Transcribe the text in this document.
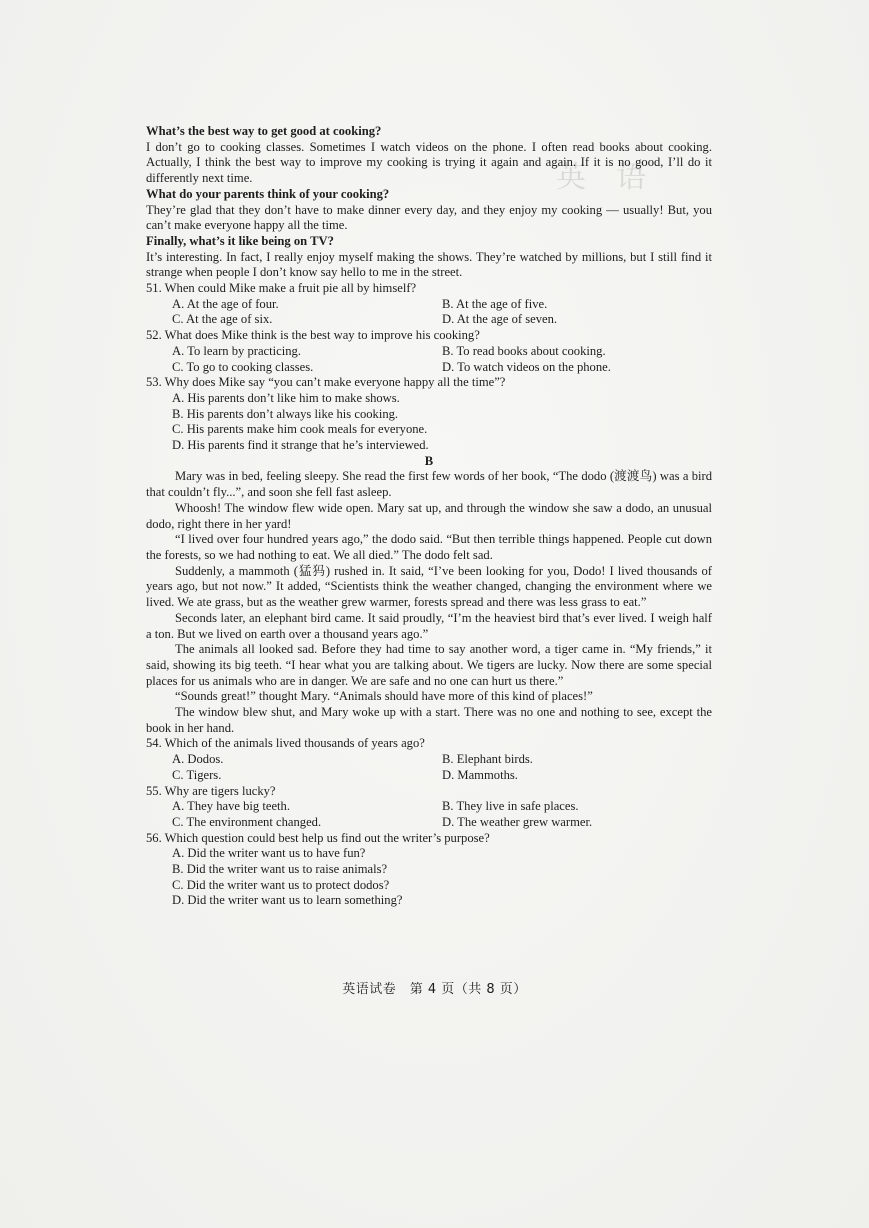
英　语
What’s the best way to get good at cooking?

I don’t go to cooking classes. Sometimes I watch videos on the phone. I often read books about cooking. Actually, I think the best way to improve my cooking is trying it again and again. If it is no good, I’ll do it differently next time.

What do your parents think of your cooking?

They’re glad that they don’t have to make dinner every day, and they enjoy my cooking — usually! But, you can’t make everyone happy all the time.

Finally, what’s it like being on TV?

It’s interesting. In fact, I really enjoy myself making the shows. They’re watched by millions, but I still find it strange when people I don’t know say hello to me in the street.

51. When could Mike make a fruit pie all by himself?

A. At the age of four.	B. At the age of five.
C. At the age of six.	D. At the age of seven.

52. What does Mike think is the best way to improve his cooking?

A. To learn by practicing.	B. To read books about cooking.
C. To go to cooking classes.	D. To watch videos on the phone.

53. Why does Mike say “you can’t make everyone happy all the time”?

A. His parents don’t like him to make shows.
B. His parents don’t always like his cooking.
C. His parents make him cook meals for everyone.
D. His parents find it strange that he’s interviewed.

B

Mary was in bed, feeling sleepy. She read the first few words of her book, “The dodo (渡渡鸟) was a bird that couldn’t fly...”, and soon she fell fast asleep.

Whoosh! The window flew wide open. Mary sat up, and through the window she saw a dodo, an unusual dodo, right there in her yard!

“I lived over four hundred years ago,” the dodo said. “But then terrible things happened. People cut down the forests, so we had nothing to eat. We all died.” The dodo felt sad.

Suddenly, a mammoth (猛犸) rushed in. It said, “I’ve been looking for you, Dodo! I lived thousands of years ago, but not now.” It added, “Scientists think the weather changed, changing the environment where we lived. We ate grass, but as the weather grew warmer, forests spread and there was less grass to eat.”

Seconds later, an elephant bird came. It said proudly, “I’m the heaviest bird that’s ever lived. I weigh half a ton. But we lived on earth over a thousand years ago.”

The animals all looked sad. Before they had time to say another word, a tiger came in. “My friends,” it said, showing its big teeth. “I hear what you are talking about. We tigers are lucky. Now there are some special places for us animals who are in danger. We are safe and no one can hurt us there.”

“Sounds great!” thought Mary. “Animals should have more of this kind of places!”

The window blew shut, and Mary woke up with a start. There was no one and nothing to see, except the book in her hand.

54. Which of the animals lived thousands of years ago?

A. Dodos.	B. Elephant birds.
C. Tigers.	D. Mammoths.

55. Why are tigers lucky?

A. They have big teeth.	B. They live in safe places.
C. The environment changed.	D. The weather grew warmer.

56. Which question could best help us find out the writer’s purpose?

A. Did the writer want us to have fun?
B. Did the writer want us to raise animals?
C. Did the writer want us to protect dodos?
D. Did the writer want us to learn something?
英语试卷　第 4 页（共 8 页）
